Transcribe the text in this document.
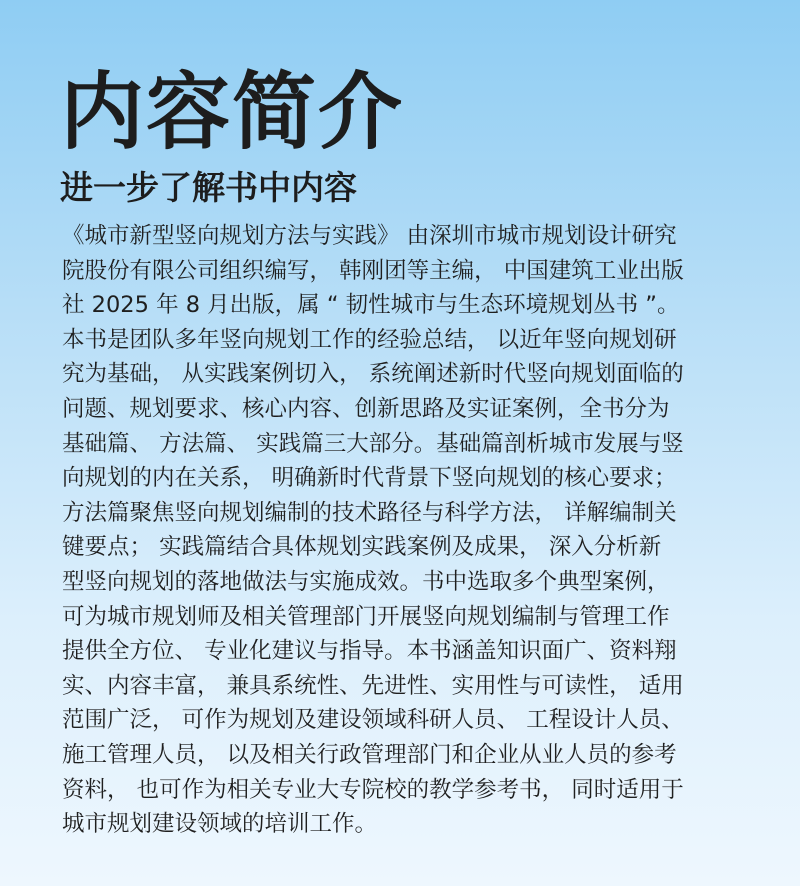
内容简介
进一步了解书中内容
《城市新型竖向规划方法与实践》 由深圳市城市规划设计研究
院股份有限公司组织编写， 韩刚团等主编， 中国建筑工业出版
社 2025 年 8 月出版，属 “ 韧性城市与生态环境规划丛书 ”。
本书是团队多年竖向规划工作的经验总结， 以近年竖向规划研
究为基础， 从实践案例切入， 系统阐述新时代竖向规划面临的
问题、规划要求、核心内容、创新思路及实证案例，全书分为
基础篇、 方法篇、 实践篇三大部分。基础篇剖析城市发展与竖
向规划的内在关系， 明确新时代背景下竖向规划的核心要求；
方法篇聚焦竖向规划编制的技术路径与科学方法， 详解编制关
键要点； 实践篇结合具体规划实践案例及成果， 深入分析新
型竖向规划的落地做法与实施成效。书中选取多个典型案例，
可为城市规划师及相关管理部门开展竖向规划编制与管理工作
提供全方位、 专业化建议与指导。本书涵盖知识面广、资料翔
实、内容丰富， 兼具系统性、先进性、实用性与可读性， 适用
范围广泛， 可作为规划及建设领域科研人员、 工程设计人员、
施工管理人员， 以及相关行政管理部门和企业从业人员的参考
资料， 也可作为相关专业大专院校的教学参考书， 同时适用于
城市规划建设领域的培训工作。
